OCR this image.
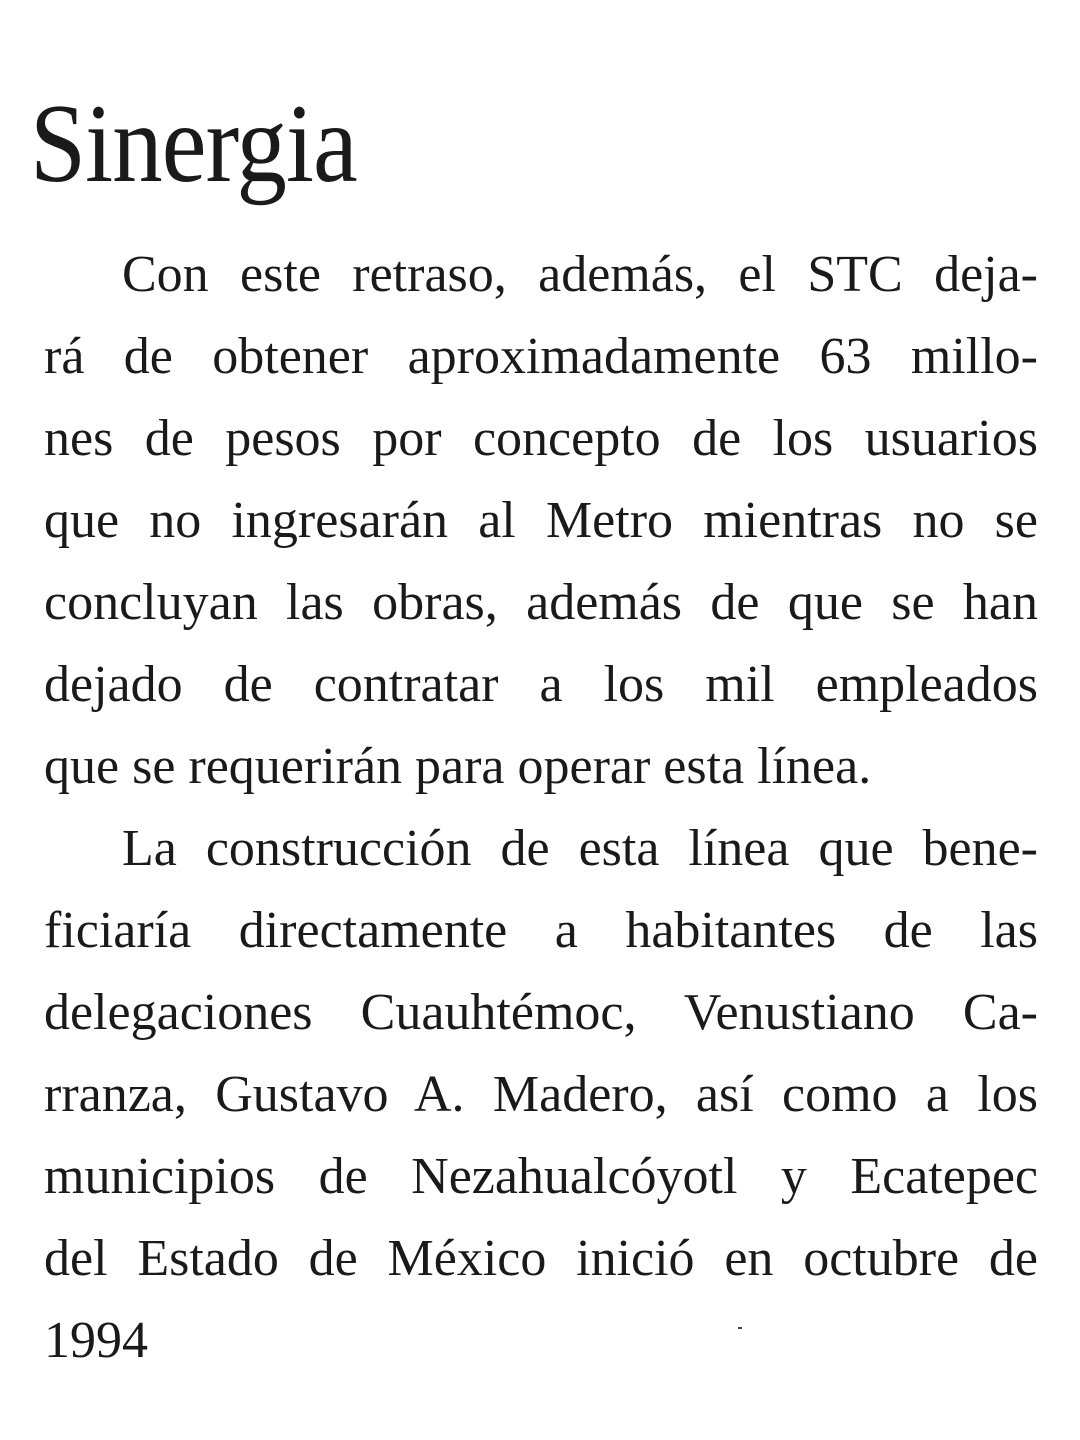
Sinergia
Con este retraso, además, el STC deja-
rá de obtener aproximadamente 63 millo-
nes de pesos por concepto de los usuarios
que no ingresarán al Metro mientras no se
concluyan las obras, además de que se han
dejado de contratar a los mil empleados
que se requerirán para operar esta línea.
La construcción de esta línea que bene-
ficiaría directamente a habitantes de las
delegaciones Cuauhtémoc, Venustiano Ca-
rranza, Gustavo A. Madero, así como a los
municipios de Nezahualcóyotl y Ecatepec
del Estado de México inició en octubre de
1994
